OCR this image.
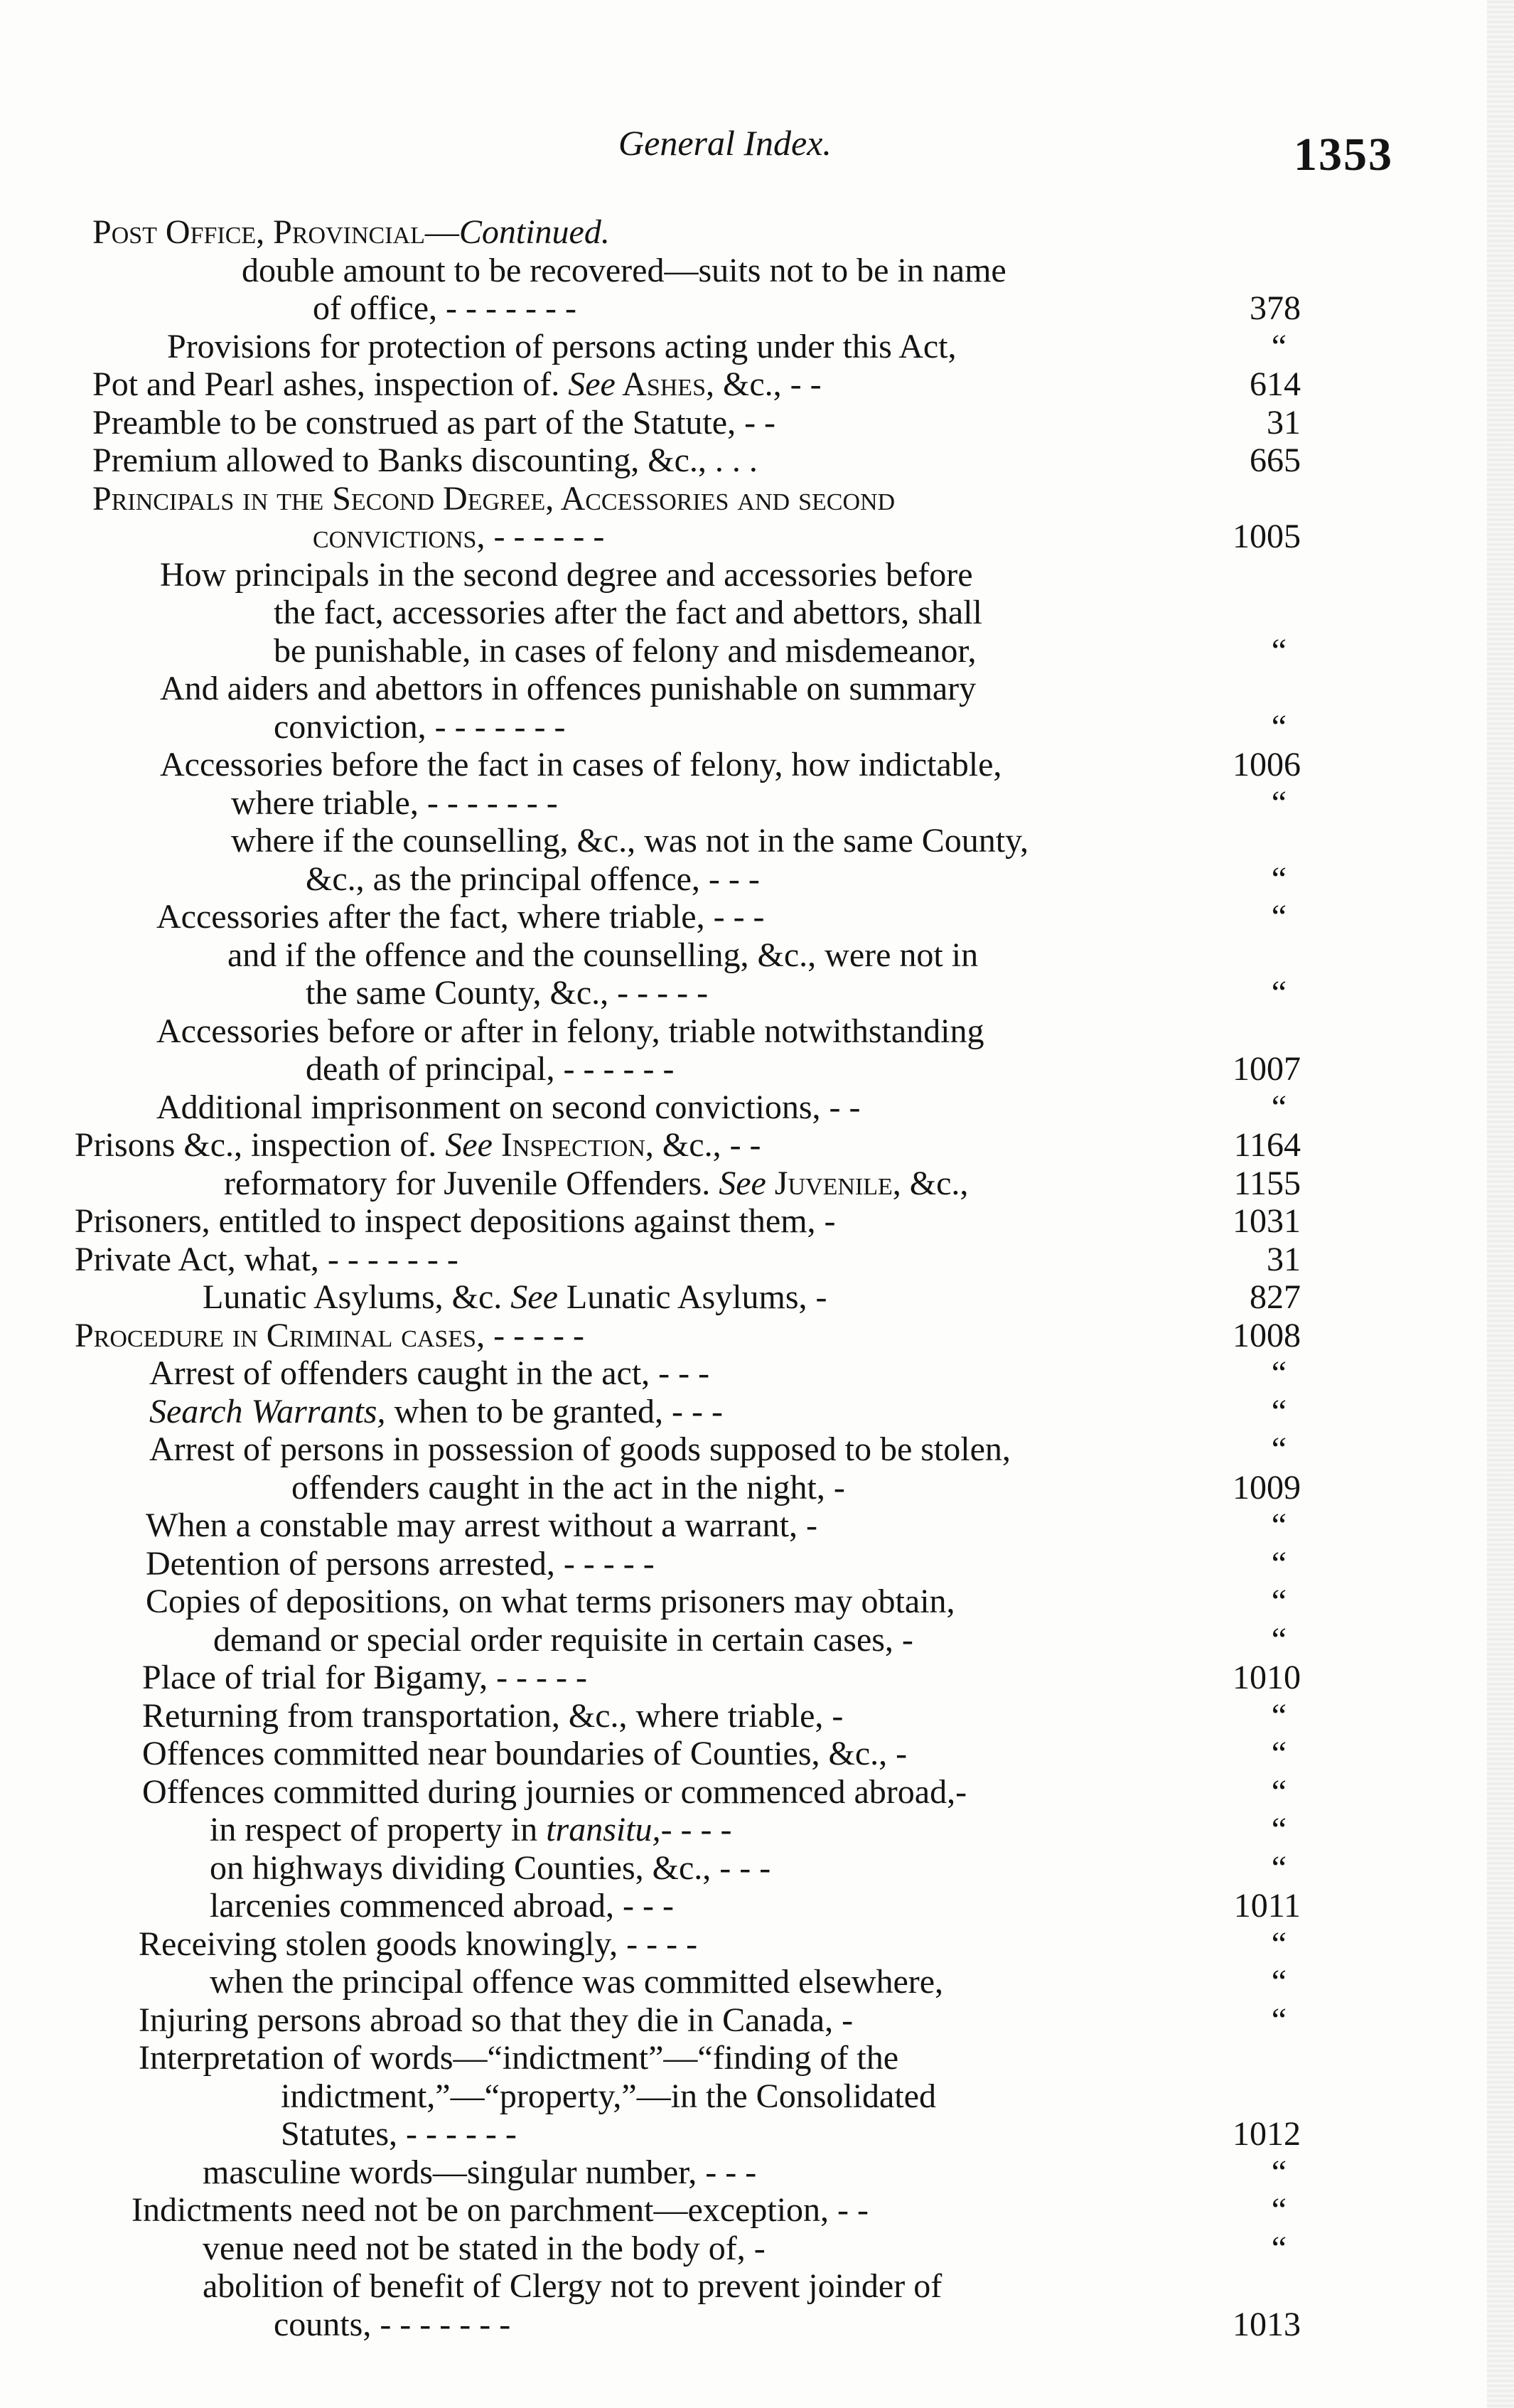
General Index.	1353
Post Office, Provincial—Continued.
double amount to be recovered—suits not to be in name
of office, - - - - - - -	378
Provisions for protection of persons acting under this Act,	“
Pot and Pearl ashes, inspection of. See Ashes, &c., - -	614
Preamble to be construed as part of the Statute, - -	31
Premium allowed to Banks discounting, &c., . . .	665
Principals in the Second Degree, Accessories and second
convictions, - - - - - -	1005
How principals in the second degree and accessories before
the fact, accessories after the fact and abettors, shall
be punishable, in cases of felony and misdemeanor,	“
And aiders and abettors in offences punishable on summary
conviction, - - - - - - -	“
Accessories before the fact in cases of felony, how indictable,	1006
where triable, - - - - - - -	“
where if the counselling, &c., was not in the same County,
&c., as the principal offence, - - -	“
Accessories after the fact, where triable, - - -	“
and if the offence and the counselling, &c., were not in
the same County, &c., - - - - -	“
Accessories before or after in felony, triable notwithstanding
death of principal, - - - - - -	1007
Additional imprisonment on second convictions, - -	“
Prisons &c., inspection of. See Inspection, &c., - -	1164
reformatory for Juvenile Offenders. See Juvenile, &c.,	1155
Prisoners, entitled to inspect depositions against them, -	1031
Private Act, what, - - - - - - -	31
Lunatic Asylums, &c. See Lunatic Asylums, -	827
Procedure in Criminal cases, - - - - -	1008
Arrest of offenders caught in the act, - - -	“
Search Warrants, when to be granted, - - -	“
Arrest of persons in possession of goods supposed to be stolen,	“
offenders caught in the act in the night, -	1009
When a constable may arrest without a warrant, -	“
Detention of persons arrested, - - - - -	“
Copies of depositions, on what terms prisoners may obtain,	“
demand or special order requisite in certain cases, -	“
Place of trial for Bigamy, - - - - -	1010
Returning from transportation, &c., where triable, -	“
Offences committed near boundaries of Counties, &c., -	“
Offences committed during journies or commenced abroad,-	“
in respect of property in transitu,- - - -	“
on highways dividing Counties, &c., - - -	“
larcenies commenced abroad, - - -	1011
Receiving stolen goods knowingly, - - - -	“
when the principal offence was committed elsewhere,	“
Injuring persons abroad so that they die in Canada, -	“
Interpretation of words—“indictment”—“finding of the
indictment,”—“property,”—in the Consolidated
Statutes, - - - - - -	1012
masculine words—singular number, - - -	“
Indictments need not be on parchment—exception, - -	“
venue need not be stated in the body of, -	“
abolition of benefit of Clergy not to prevent joinder of
counts, - - - - - - -	1013
